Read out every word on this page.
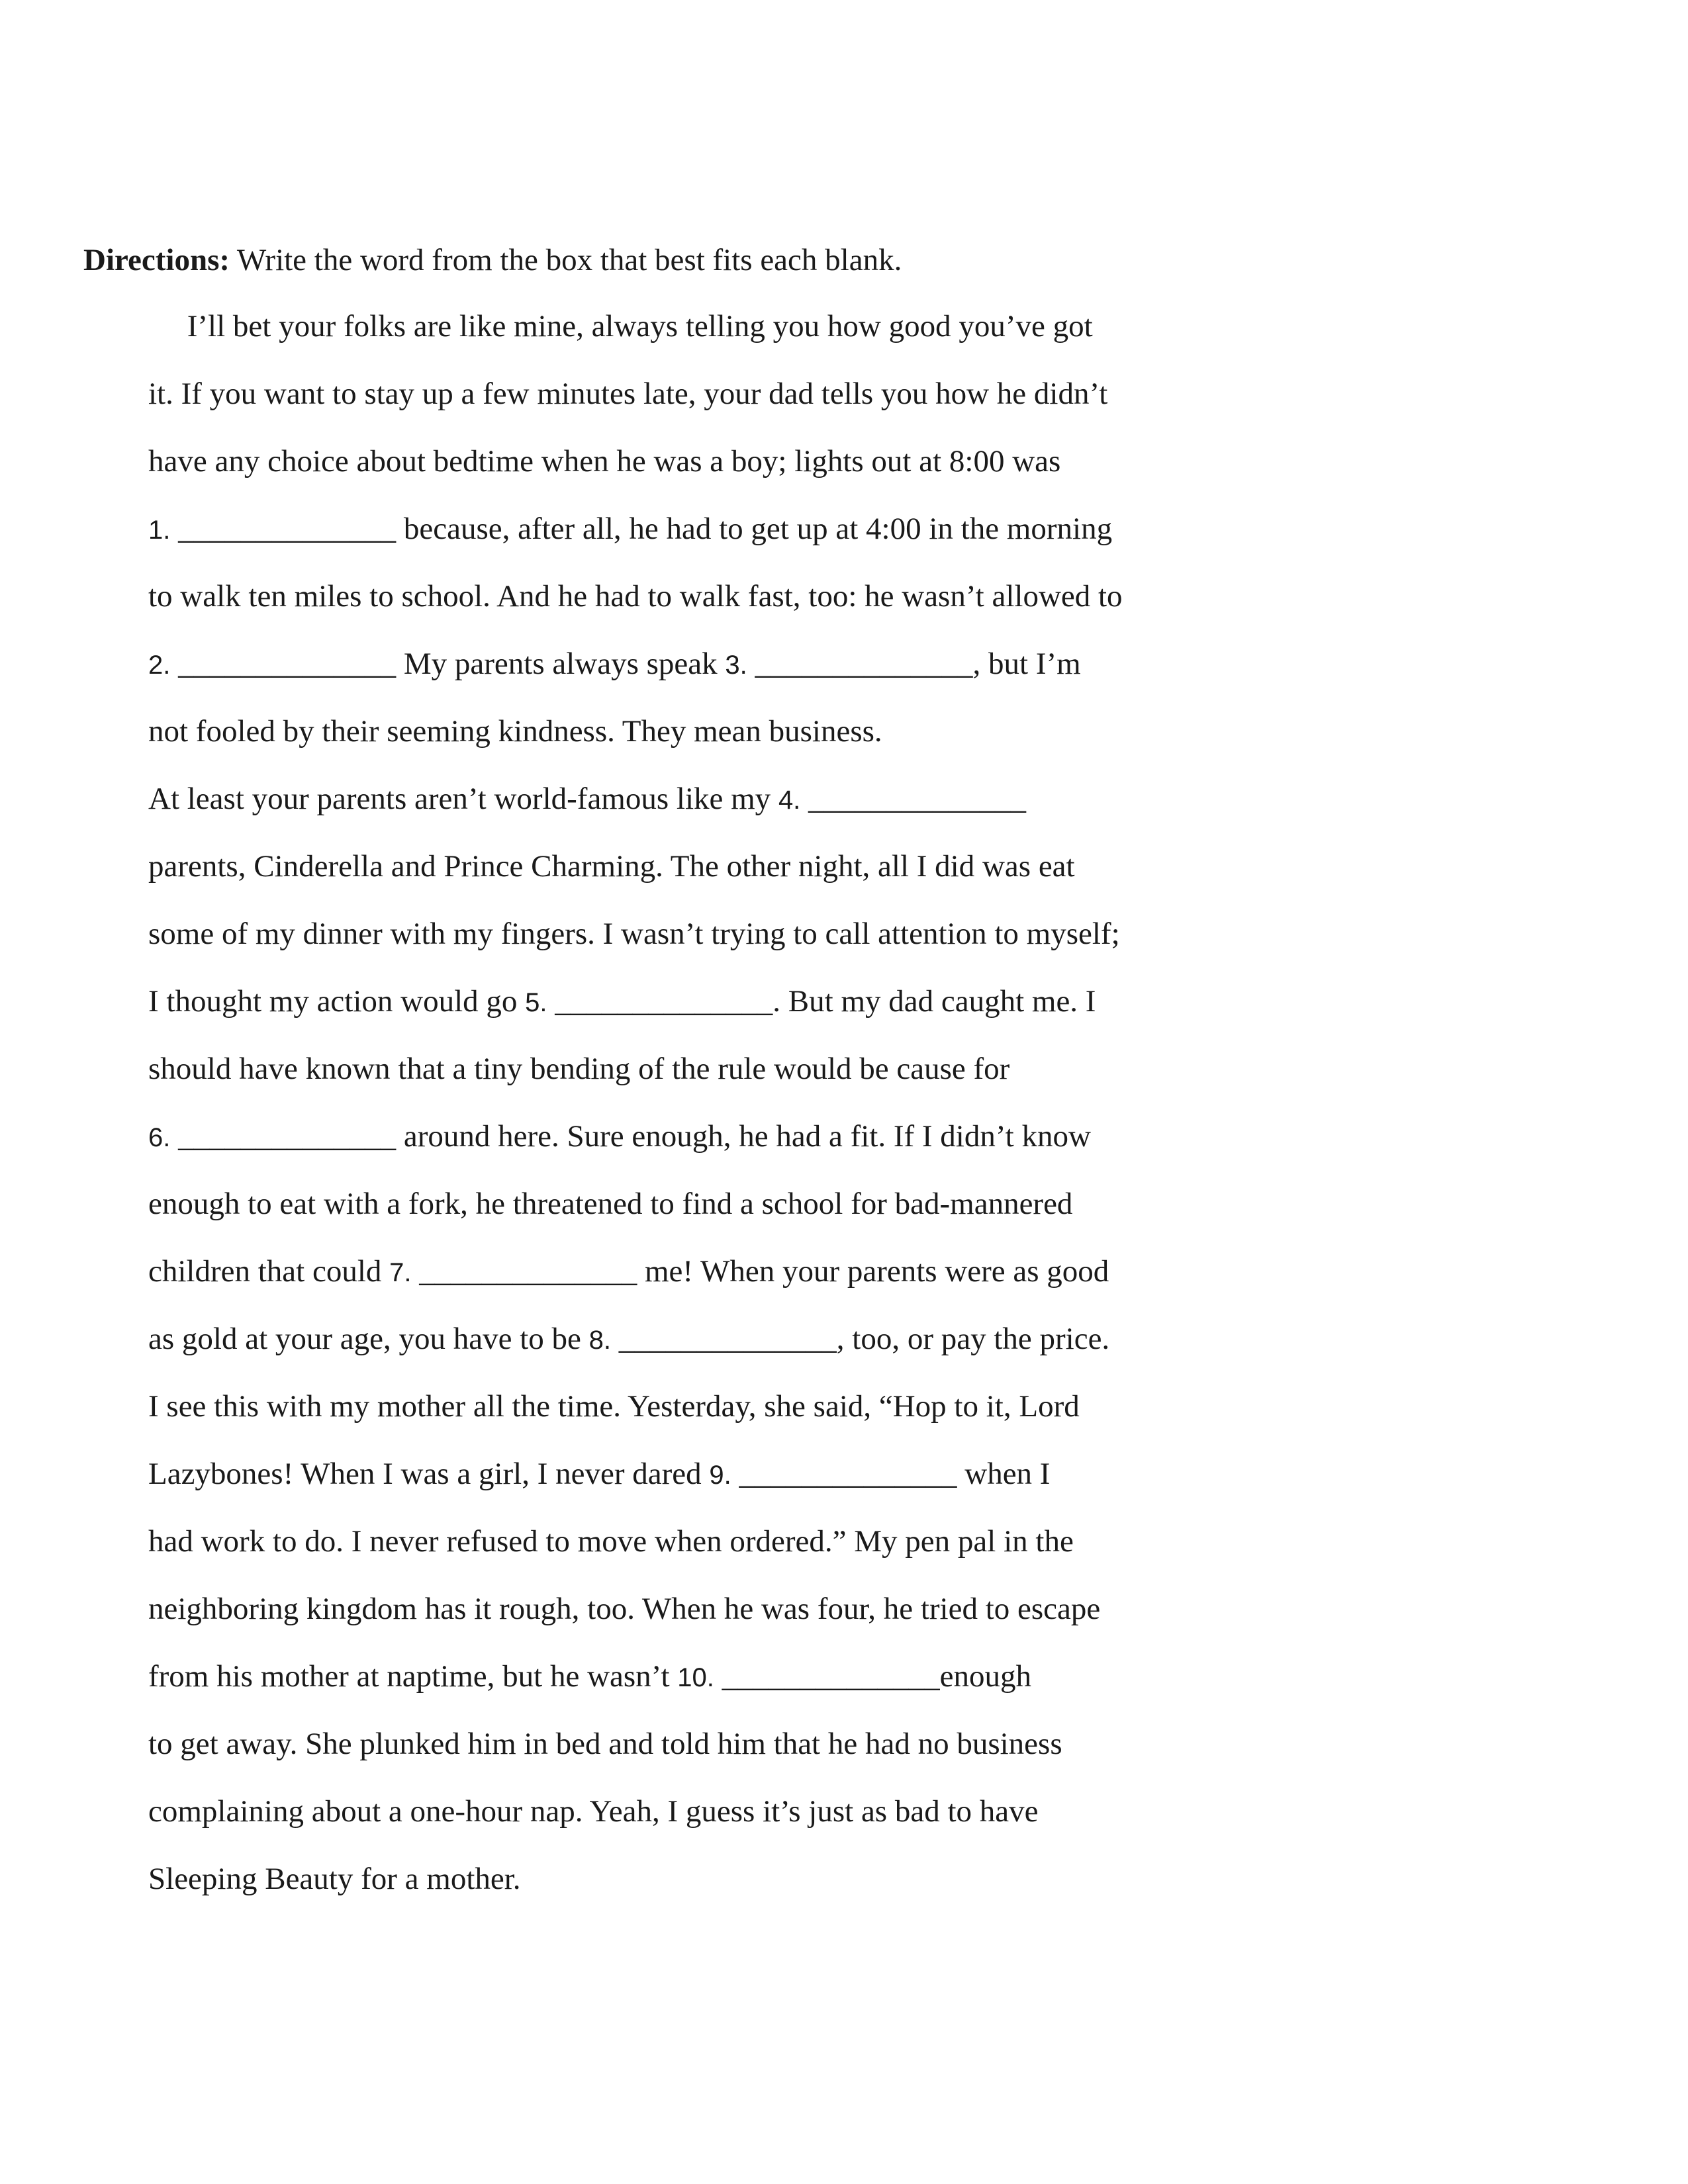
Directions: Write the word from the box that best fits each blank.
I’ll bet your folks are like mine, always telling you how good you’ve got
it. If you want to stay up a few minutes late, your dad tells you how he didn’t
have any choice about bedtime when he was a boy; lights out at 8:00 was
1. ______________ because, after all, he had to get up at 4:00 in the morning
to walk ten miles to school. And he had to walk fast, too: he wasn’t allowed to
2. ______________ My parents always speak 3. ______________, but I’m
not fooled by their seeming kindness. They mean business.
At least your parents aren’t world-famous like my 4. ______________
parents, Cinderella and Prince Charming. The other night, all I did was eat
some of my dinner with my fingers. I wasn’t trying to call attention to myself;
I thought my action would go 5. ______________. But my dad caught me. I
should have known that a tiny bending of the rule would be cause for
6. ______________ around here. Sure enough, he had a fit. If I didn’t know
enough to eat with a fork, he threatened to find a school for bad-mannered
children that could 7. ______________ me! When your parents were as good
as gold at your age, you have to be 8. ______________, too, or pay the price.
I see this with my mother all the time. Yesterday, she said, “Hop to it, Lord
Lazybones! When I was a girl, I never dared 9. ______________ when I
had work to do. I never refused to move when ordered.” My pen pal in the
neighboring kingdom has it rough, too. When he was four, he tried to escape
from his mother at naptime, but he wasn’t 10. ______________enough
to get away. She plunked him in bed and told him that he had no business
complaining about a one-hour nap. Yeah, I guess it’s just as bad to have
Sleeping Beauty for a mother.
